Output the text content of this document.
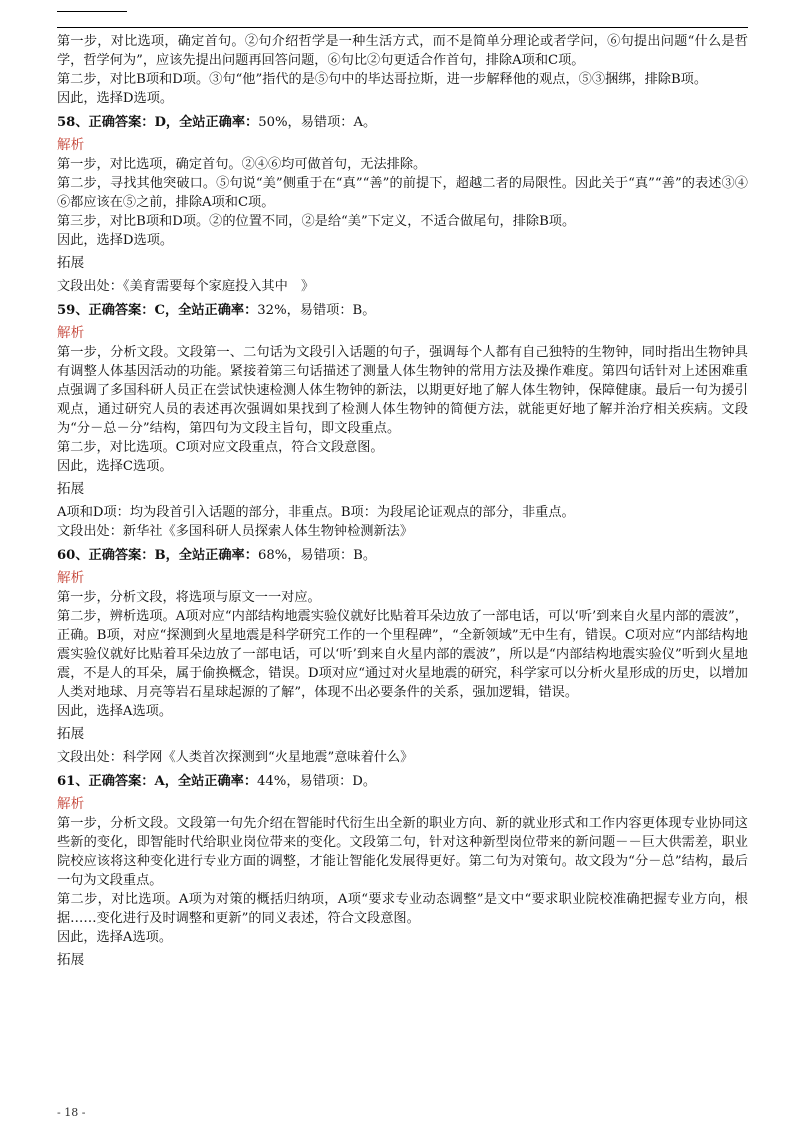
第一步，对比选项，确定首句。②句介绍哲学是一种生活方式，而不是简单分理论或者学问，⑥句提出问题“什么是哲学，哲学何为”，应该先提出问题再回答问题，⑥句比②句更适合作首句，排除A项和C项。

第二步，对比B项和D项。③句“他”指代的是⑤句中的毕达哥拉斯，进一步解释他的观点，⑤③捆绑，排除B项。

因此，选择D选项。

58、正确答案：D，全站正确率：50%，易错项：A。

解析

第一步，对比选项，确定首句。②④⑥均可做首句，无法排除。

第二步，寻找其他突破口。⑤句说“美”侧重于在“真”“善”的前提下，超越二者的局限性。因此关于“真”“善”的表述③④⑥都应该在⑤之前，排除A项和C项。

第三步，对比B项和D项。②的位置不同，②是给“美”下定义，不适合做尾句，排除B项。

因此，选择D选项。

拓展

文段出处：《美育需要每个家庭投入其中　》

59、正确答案：C，全站正确率：32%，易错项：B。

解析

第一步，分析文段。文段第一、二句话为文段引入话题的句子，强调每个人都有自己独特的生物钟，同时指出生物钟具有调整人体基因活动的功能。紧接着第三句话描述了测量人体生物钟的常用方法及操作难度。第四句话针对上述困难重点强调了多国科研人员正在尝试快速检测人体生物钟的新法，以期更好地了解人体生物钟，保障健康。最后一句为援引观点，通过研究人员的表述再次强调如果找到了检测人体生物钟的简便方法，就能更好地了解并治疗相关疾病。文段为“分－总－分”结构，第四句为文段主旨句，即文段重点。

第二步，对比选项。C项对应文段重点，符合文段意图。

因此，选择C选项。

拓展

A项和D项：均为段首引入话题的部分，非重点。B项：为段尾论证观点的部分，非重点。

文段出处：新华社《多国科研人员探索人体生物钟检测新法》

60、正确答案：B，全站正确率：68%，易错项：B。

解析

第一步，分析文段，将选项与原文一一对应。

第二步，辨析选项。A项对应“内部结构地震实验仪就好比贴着耳朵边放了一部电话，可以‘听’到来自火星内部的震波”，正确。B项，对应“探测到火星地震是科学研究工作的一个里程碑”，“全新领域”无中生有，错误。C项对应“内部结构地震实验仪就好比贴着耳朵边放了一部电话，可以‘听’到来自火星内部的震波”，所以是“内部结构地震实验仪”听到火星地震，不是人的耳朵，属于偷换概念，错误。D项对应“通过对火星地震的研究，科学家可以分析火星形成的历史，以增加人类对地球、月亮等岩石星球起源的了解”，体现不出必要条件的关系，强加逻辑，错误。

因此，选择A选项。

拓展

文段出处：科学网《人类首次探测到“火星地震”意味着什么》

61、正确答案：A，全站正确率：44%，易错项：D。

解析

第一步，分析文段。文段第一句先介绍在智能时代衍生出全新的职业方向、新的就业形式和工作内容更体现专业协同这些新的变化，即智能时代给职业岗位带来的变化。文段第二句，针对这种新型岗位带来的新问题－－巨大供需差，职业院校应该将这种变化进行专业方面的调整，才能让智能化发展得更好。第二句为对策句。故文段为“分－总”结构，最后一句为文段重点。

第二步，对比选项。A项为对策的概括归纳项，A项“要求专业动态调整”是文中“要求职业院校准确把握专业方向，根据……变化进行及时调整和更新”的同义表述，符合文段意图。

因此，选择A选项。

拓展

- 18 -
